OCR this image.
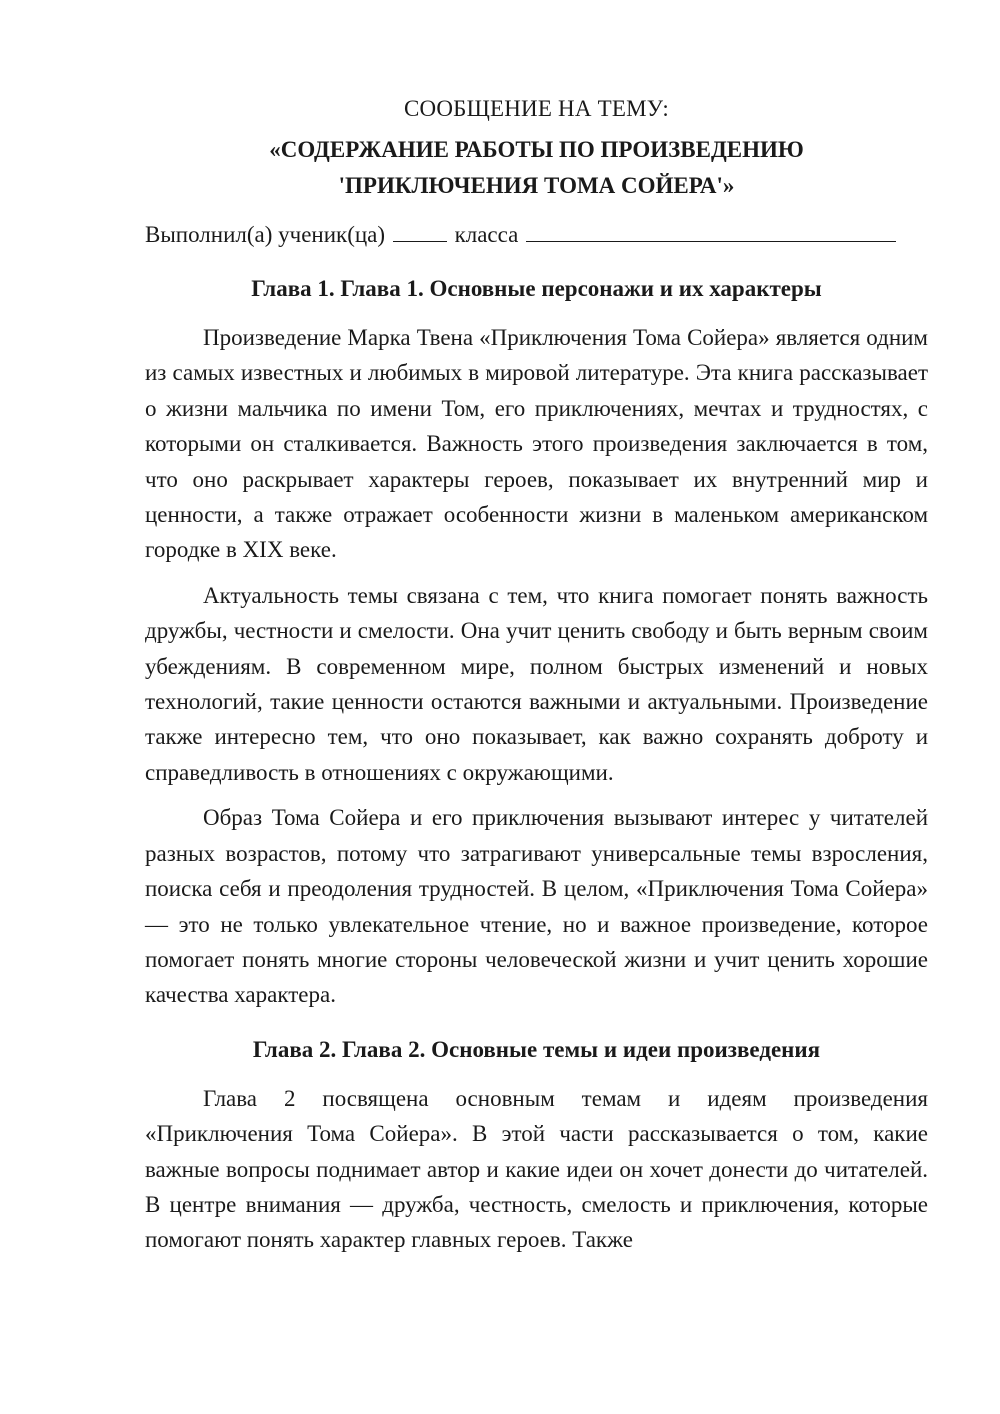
СООБЩЕНИЕ НА ТЕМУ:

«СОДЕРЖАНИЕ РАБОТЫ ПО ПРОИЗВЕДЕНИЮ
'ПРИКЛЮЧЕНИЯ ТОМА СОЙЕРА'»

Выполнил(а) ученик(ца)	класса

Глава 1. Глава 1. Основные персонажи и их характеры

Произведение Марка Твена «Приключения Тома Сойера» является одним из самых известных и любимых в мировой литературе. Эта книга рассказывает о жизни мальчика по имени Том, его приключениях, мечтах и трудностях, с которыми он сталкивается. Важность этого произведения заключается в том, что оно раскрывает характеры героев, показывает их внутренний мир и ценности, а также отражает особенности жизни в маленьком американском городке в XIX веке.

Актуальность темы связана с тем, что книга помогает понять важность дружбы, честности и смелости. Она учит ценить свободу и быть верным своим убеждениям. В современном мире, полном быстрых изменений и новых технологий, такие ценности остаются важными и актуальными. Произведение также интересно тем, что оно показывает, как важно сохранять доброту и справедливость в отношениях с окружающими.

Образ Тома Сойера и его приключения вызывают интерес у читателей разных возрастов, потому что затрагивают универсальные темы взросления, поиска себя и преодоления трудностей. В целом, «Приключения Тома Сойера» — это не только увлекательное чтение, но и важное произведение, которое помогает понять многие стороны человеческой жизни и учит ценить хорошие качества характера.

Глава 2. Глава 2. Основные темы и идеи произведения

Глава 2 посвящена основным темам и идеям произведения «Приключения Тома Сойера». В этой части рассказывается о том, какие важные вопросы поднимает автор и какие идеи он хочет донести до читателей. В центре внимания — дружба, честность, смелость и приключения, которые помогают понять характер главных героев. Также
